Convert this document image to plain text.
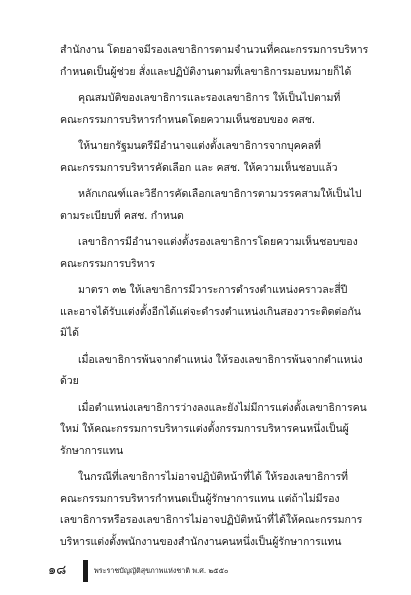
สำนักงาน โดยอาจมีรองเลขาธิการตามจำนวนที่คณะกรรมการบริหาร
กำหนดเป็นผู้ช่วย สั่งและปฏิบัติงานตามที่เลขาธิการมอบหมายก็ได้
คุณสมบัติของเลขาธิการและรองเลขาธิการ ให้เป็นไปตามที่
คณะกรรมการบริหารกำหนดโดยความเห็นชอบของ คสช.
ให้นายกรัฐมนตรีมีอำนาจแต่งตั้งเลขาธิการจากบุคคลที่
คณะกรรมการบริหารคัดเลือก และ คสช. ให้ความเห็นชอบแล้ว
หลักเกณฑ์และวิธีการคัดเลือกเลขาธิการตามวรรคสามให้เป็นไป
ตามระเบียบที่ คสช. กำหนด
เลขาธิการมีอำนาจแต่งตั้งรองเลขาธิการโดยความเห็นชอบของ
คณะกรรมการบริหาร
มาตรา ๓๒ ให้เลขาธิการมีวาระการดำรงตำแหน่งคราวละสี่ปี
และอาจได้รับแต่งตั้งอีกได้แต่จะดำรงตำแหน่งเกินสองวาระติดต่อกัน
มิได้
เมื่อเลขาธิการพ้นจากตำแหน่ง ให้รองเลขาธิการพ้นจากตำแหน่ง
ด้วย
เมื่อตำแหน่งเลขาธิการว่างลงและยังไม่มีการแต่งตั้งเลขาธิการคน
ใหม่ ให้คณะกรรมการบริหารแต่งตั้งกรรมการบริหารคนหนึ่งเป็นผู้
รักษาการแทน
ในกรณีที่เลขาธิการไม่อาจปฏิบัติหน้าที่ได้ ให้รองเลขาธิการที่
คณะกรรมการบริหารกำหนดเป็นผู้รักษาการแทน แต่ถ้าไม่มีรอง
เลขาธิการหรือรองเลขาธิการไม่อาจปฏิบัติหน้าที่ได้ให้คณะกรรมการ
บริหารแต่งตั้งพนักงานของสำนักงานคนหนึ่งเป็นผู้รักษาการแทน
๑๘	พระราชบัญญัติสุขภาพแห่งชาติ พ.ศ. ๒๕๕๐
